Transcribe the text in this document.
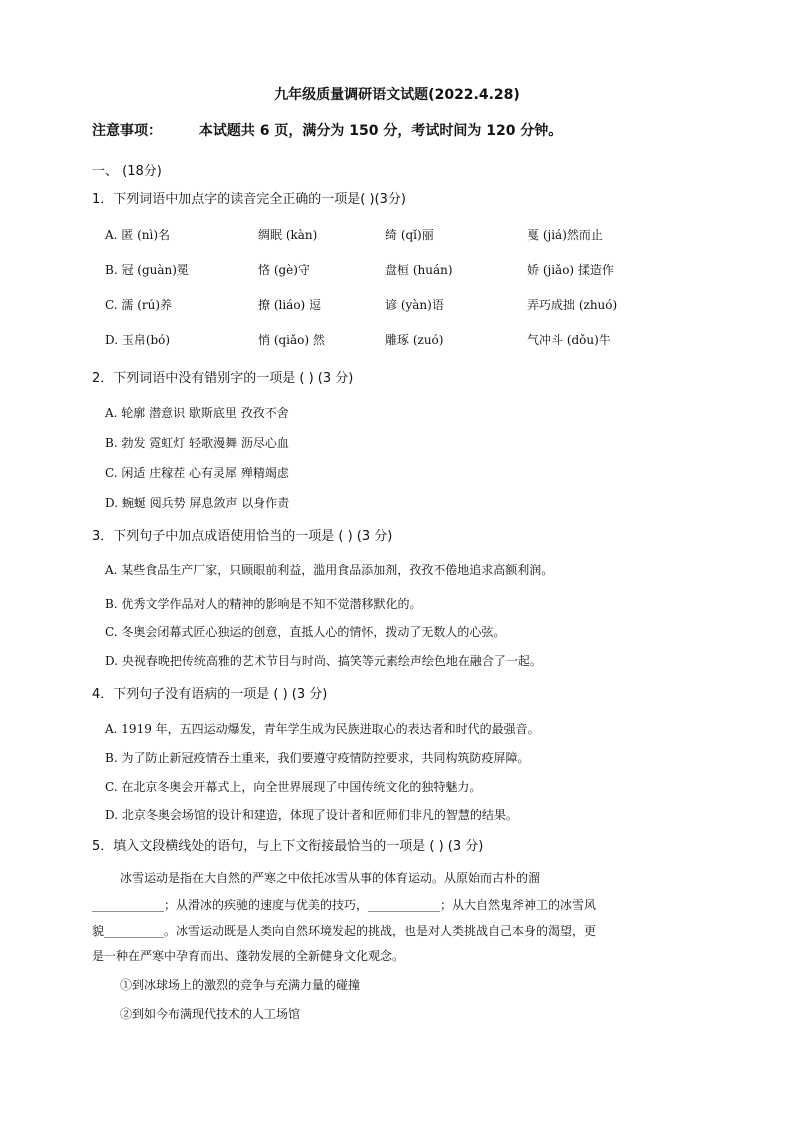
九年级质量调研语文试题(2022.4.28)
注意事项：	本试题共 6 页，满分为 150 分，考试时间为 120 分钟。
一、 (18分)
1．下列词语中加点字的读音完全正确的一项是( )(3分)
A. 匿 (nì)名	绸眠 (kàn)	绮 (qǐ)丽	戛 (jiá)然而止
B. 冠 (guàn)冕	恪 (gè)守	盘桓 (huán)	娇 (jiǎo) 揉造作
C. 濡 (rú)养	撩 (liáo) 逗	谚 (yàn)语	弄巧成拙 (zhuó)
D. 玉帛(bó)	悄 (qiǎo) 然	雕琢 (zuó)	气冲斗 (dǒu)牛
2．下列词语中没有错别字的一项是 ( ) (3 分)
A. 轮廓 潜意识 歇斯底里 孜孜不舍
B. 勃发 霓虹灯 轻歌漫舞 沥尽心血
C. 闲适 庄稼茬 心有灵犀 殚精竭虑
D. 蜿蜒 阅兵势 屏息敛声 以身作责
3．下列句子中加点成语使用恰当的一项是 ( ) (3 分)
A. 某些食品生产厂家，只顾眼前利益，滥用食品添加剂，孜孜不倦地追求高额利润。
B. 优秀文学作品对人的精神的影响是不知不觉潜移默化的。
C. 冬奥会闭幕式匠心独运的创意，直抵人心的情怀，拨动了无数人的心弦。
D. 央视春晚把传统高雅的艺术节目与时尚、搞笑等元素绘声绘色地在融合了一起。
4．下列句子没有语病的一项是 ( ) (3 分)
A. 1919 年，五四运动爆发，青年学生成为民族进取心的表达者和时代的最强音。
B. 为了防止新冠疫情吞土重来，我们要遵守疫情防控要求，共同构筑防疫屏障。
C. 在北京冬奥会开幕式上，向全世界展现了中国传统文化的独特魅力。
D. 北京冬奥会场馆的设计和建造，体现了设计者和匠师们非凡的智慧的结果。
5．填入文段横线处的语句，与上下文衔接最恰当的一项是 ( ) (3 分)
冰雪运动是指在大自然的严寒之中依托冰雪从事的体育运动。从原始而古朴的溜
____________；从滑冰的疾驰的速度与优美的技巧，____________；从大自然鬼斧神工的冰雪风
貌__________。冰雪运动既是人类向自然环境发起的挑战，也是对人类挑战自己本身的渴望，更
是一种在严寒中孕育而出、蓬勃发展的全新健身文化观念。
①到冰球场上的激烈的竞争与充满力量的碰撞
②到如今布满现代技术的人工场馆
